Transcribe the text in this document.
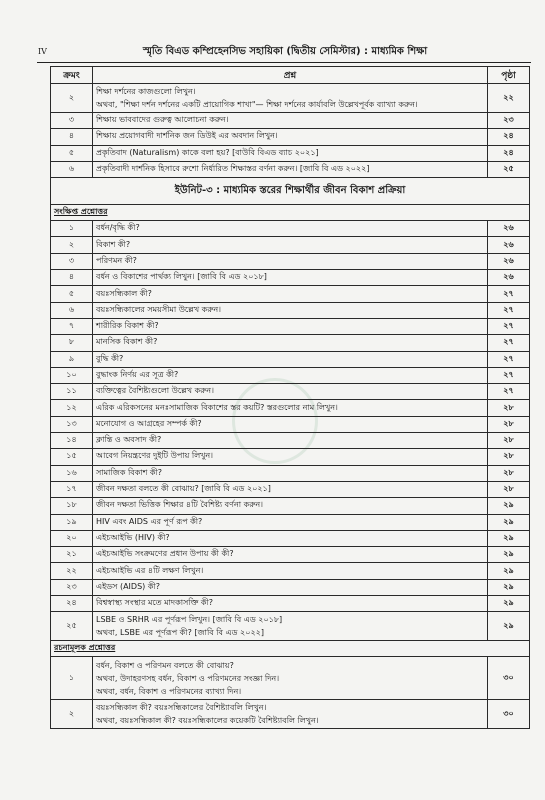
IV	স্মৃতি বিএড কম্প্রিহেনসিভ সহায়িকা (দ্বিতীয় সেমিস্টার) : মাধ্যমিক শিক্ষা
ক্রমং	প্রশ্ন	পৃষ্ঠা
২	শিক্ষা দর্শনের কাজগুলো লিখুন।
অথবা, "শিক্ষা দর্শন দর্শনের একটি প্রায়োগিক শাখা"— শিক্ষা দর্শনের কার্যাবলি উল্লেখপূর্বক ব্যাখ্যা করুন।	২২
৩	শিক্ষায় ভাববাদের গুরুত্ব আলোচনা করুন।	২৩
৪	শিক্ষায় প্রয়োগবাদী দার্শনিক জন ডিউই এর অবদান লিখুন।	২৪
৫	প্রকৃতিবাদ (Naturalism) কাকে বলা হয়? [বাউবি বিএড ব্যাচ ২০২১]	২৪
৬	প্রকৃতিবাদী দার্শনিক হিসাবে রুশো নির্ধারিত শিক্ষাস্তর বর্ণনা করুন। [জাবি বি এড ২০২২]	২৫
ইউনিট-৩ : মাধ্যমিক স্তরের শিক্ষার্থীর জীবন বিকাশ প্রক্রিয়া		
সংক্ষিপ্ত প্রশ্নোত্তর		
১	বর্ধন/বৃদ্ধি কী?	২৬
২	বিকাশ কী?	২৬
৩	পরিণমন কী?	২৬
৪	বর্ধন ও বিকাশের পার্থক্য লিখুন। [জাবি বি এড ২০১৮]	২৬
৫	বয়ঃসন্ধিকাল কী?	২৭
৬	বয়ঃসন্ধিকালের সময়সীমা উল্লেখ করুন।	২৭
৭	শারীরিক বিকাশ কী?	২৭
৮	মানসিক বিকাশ কী?	২৭
৯	বুদ্ধি কী?	২৭
১০	বুদ্ধাংক নির্ণয় এর সূত্র কী?	২৭
১১	ব্যক্তিত্বের বৈশিষ্ট্যগুলো উল্লেখ করুন।	২৭
১২	এরিক এরিকসনের মনঃসামাজিক বিকাশের স্তর কয়টি? স্তরগুলোর নাম লিখুন।	২৮
১৩	মনোযোগ ও আগ্রহের সম্পর্ক কী?	২৮
১৪	ক্লান্তি ও অবসাদ কী?	২৮
১৫	আবেগ নিয়ন্ত্রণের দুইটি উপায় লিখুন।	২৮
১৬	সামাজিক বিকাশ কী?	২৮
১৭	জীবন দক্ষতা বলতে কী বোঝায়? [জাবি বি এড ২০২১]	২৮
১৮	জীবন দক্ষতা ভিত্তিক শিক্ষার ৪টি বৈশিষ্ট্য বর্ণনা করুন।	২৯
১৯	HIV এবং AIDS এর পূর্ণ রূপ কী?	২৯
২০	এইচআইভি (HIV) কী?	২৯
২১	এইচআইভি সংক্রমণের প্রধান উপায় কী কী?	২৯
২২	এইচআইভি এর ৪টি লক্ষণ লিখুন।	২৯
২৩	এইডস (AIDS) কী?	২৯
২৪	বিশ্বস্বাস্থ্য সংস্থার মতে মাদকাসক্তি কী?	২৯
২৫	LSBE ও SRHR এর পূর্ণরূপ লিখুন। [জাবি বি এড ২০১৮]
অথবা, LSBE এর পূর্ণরূপ কী? [জাবি বি এড ২০২২]	২৯
রচনামূলক প্রশ্নোত্তর		
১	বর্ধন, বিকাশ ও পরিণমন বলতে কী বোঝায়?
অথবা, উদাহরণসহ বর্ধন, বিকাশ ও পরিণমনের সংজ্ঞা দিন।
অথবা, বর্ধন, বিকাশ ও পরিণমনের ব্যাখ্যা দিন।	৩০
২	বয়ঃসন্ধিকাল কী? বয়ঃসন্ধিকালের বৈশিষ্ট্যাবলি লিখুন।
অথবা, বয়ঃসন্ধিকাল কী? বয়ঃসন্ধিকালের কয়েকটি বৈশিষ্ট্যাবলি লিখুন।	৩০
